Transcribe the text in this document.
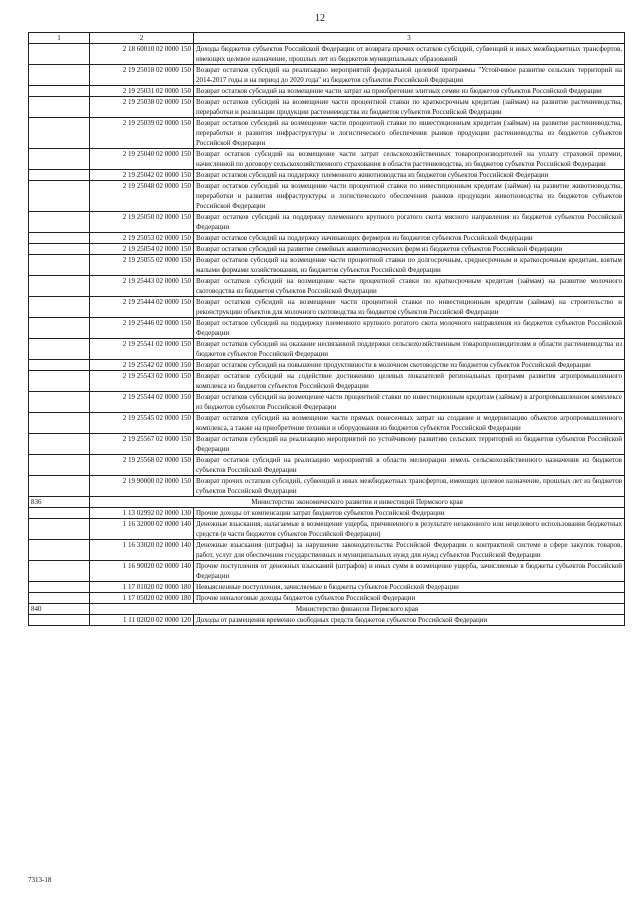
12
1	2	3
	2 18 60010 02 0000 150	Доходы бюджетов субъектов Российской Федерации от возврата прочих остатков субсидий, субвенций и иных межбюджетных трансфертов, имеющих целевое назначение, прошлых лет из бюджетов муниципальных образований
	2 19 25018 02 0000 150	Возврат остатков субсидий на реализацию мероприятий федеральной целевой программы "Устойчивое развитие сельских территорий на 2014-2017 годы и на период до 2020 года" из бюджетов субъектов Российской Федерации
	2 19 25031 02 0000 150	Возврат остатков субсидий на возмещение части затрат на приобретение элитных семян из бюджетов субъектов Российской Федерации
	2 19 25038 02 0000 150	Возврат остатков субсидий на возмещение части процентной ставки по краткосрочным кредитам (займам) на развитие растениеводства, переработки и реализации продукции растениеводства из бюджетов субъектов Российской Федерации
	2 19 25039 02 0000 150	Возврат остатков субсидий на возмещение части процентной ставки по инвестиционным кредитам (займам) на развитие растениеводства, переработки и развития инфраструктуры и логистического обеспечения рынков продукции растениеводства из бюджетов субъектов Российской Федерации
	2 19 25040 02 0000 150	Возврат остатков субсидий на возмещение части затрат сельскохозяйственных товаропроизводителей на уплату страховой премии, начисленной по договору сельскохозяйственного страхования в области растениеводства, из бюджетов субъектов Российской Федерации
	2 19 25042 02 0000 150	Возврат остатков субсидий на поддержку племенного животноводства из бюджетов субъектов Российской Федерации
	2 19 25048 02 0000 150	Возврат остатков субсидий на возмещение части процентной ставки по инвестиционным кредитам (займам) на развитие животноводства, переработки и развития инфраструктуры и логистического обеспечения рынков продукции животноводства из бюджетов субъектов Российской Федерации
	2 19 25050 02 0000 150	Возврат остатков субсидий на поддержку племенного крупного рогатого скота мясного направления из бюджетов субъектов Российской Федерации
	2 19 25053 02 0000 150	Возврат остатков субсидий на поддержку начинающих фермеров из бюджетов субъектов Российской Федерации
	2 19 25054 02 0000 150	Возврат остатков субсидий на развитие семейных животноводческих ферм из бюджетов субъектов Российской Федерации
	2 19 25055 02 0000 150	Возврат остатков субсидий на возмещение части процентной ставки по долгосрочным, среднесрочным и краткосрочным кредитам, взятым малыми формами хозяйствования, из бюджетов субъектов Российской Федерации
	2 19 25443 02 0000 150	Возврат остатков субсидий на возмещение части процентной ставки по краткосрочным кредитам (займам) на развитие молочного скотоводства из бюджетов субъектов Российской Федерации
	2 19 25444 02 0000 150	Возврат остатков субсидий на возмещение части процентной ставки по инвестиционным кредитам (займам) на строительство и реконструкцию объектов для молочного скотоводства из бюджетов субъектов Российской Федерации
	2 19 25446 02 0000 150	Возврат остатков субсидий на поддержку племенного крупного рогатого скота молочного направления из бюджетов субъектов Российской Федерации
	2 19 25541 02 0000 150	Возврат остатков субсидий на оказание несвязанной поддержки сельскохозяйственным товаропроизводителям в области растениеводства из бюджетов субъектов Российской Федерации
	2 19 25542 02 0000 150	Возврат остатков субсидий на повышение продуктивности в молочном скотоводстве из бюджетов субъектов Российской Федерации
	2 19 25543 02 0000 150	Возврат остатков субсидий на содействие достижению целевых показателей региональных программ развития агропромышленного комплекса из бюджетов субъектов Российской Федерации
	2 19 25544 02 0000 150	Возврат остатков субсидий на возмещение части процентной ставки по инвестиционным кредитам (займам) в агропромышленном комплексе из бюджетов субъектов Российской Федерации
	2 19 25545 02 0000 150	Возврат остатков субсидий на возмещение части прямых понесенных затрат на создание и модернизацию объектов агропромышленного комплекса, а также на приобретение техники и оборудования из бюджетов субъектов Российской Федерации
	2 19 25567 02 0000 150	Возврат остатков субсидий на реализацию мероприятий по устойчивому развитию сельских территорий из бюджетов субъектов Российской Федерации
	2 19 25568 02 0000 150	Возврат остатков субсидий на реализацию мероприятий в области мелиорации земель сельскохозяйственного назначения из бюджетов субъектов Российской Федерации
	2 19 90000 02 0000 150	Возврат прочих остатков субсидий, субвенций и иных межбюджетных трансфертов, имеющих целевое назначение, прошлых лет из бюджетов субъектов Российской Федерации
836	Министерство экономического развития и инвестиций Пермского края	
	1 13 02992 02 0000 130	Прочие доходы от компенсации затрат бюджетов субъектов Российской Федерации
	1 16 32000 02 0000 140	Денежные взыскания, налагаемые в возмещение ущерба, причиненного в результате незаконного или нецелевого использования бюджетных средств (в части бюджетов субъектов Российской Федерации)
	1 16 33020 02 0000 140	Денежные взыскания (штрафы) за нарушение законодательства Российской Федерации о контрактной системе в сфере закупок товаров, работ, услуг для обеспечения государственных и муниципальных нужд для нужд субъектов Российской Федерации
	1 16 90020 02 0000 140	Прочие поступления от денежных взысканий (штрафов) и иных сумм в возмещение ущерба, зачисляемые в бюджеты субъектов Российской Федерации
	1 17 01020 02 0000 180	Невыясненные поступления, зачисляемые в бюджеты субъектов Российской Федерации
	1 17 05020 02 0000 180	Прочие неналоговые доходы бюджетов субъектов Российской Федерации
840	Министерство финансов Пермского края	
	1 11 02020 02 0000 120	Доходы от размещения временно свободных средств бюджетов субъектов Российской Федерации
7313-18
